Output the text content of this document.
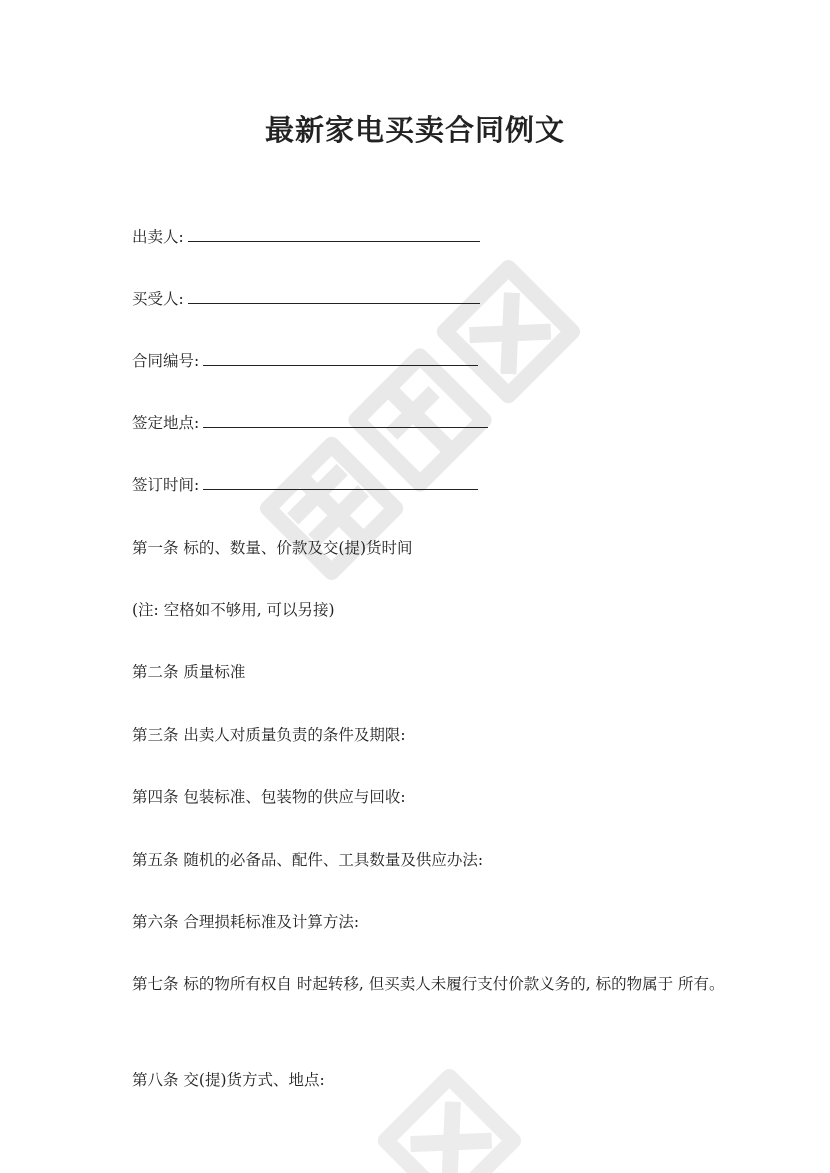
最新家电买卖合同例文

出卖人:

买受人:

合同编号:

签定地点:

签订时间:

第一条 标的、数量、价款及交(提)货时间

(注: 空格如不够用, 可以另接)

第二条 质量标准

第三条 出卖人对质量负责的条件及期限:

第四条 包装标准、包装物的供应与回收:

第五条 随机的必备品、配件、工具数量及供应办法:

第六条 合理损耗标准及计算方法:

第七条 标的物所有权自 时起转移, 但买卖人未履行支付价款义务的, 标的物属于 所有。

第八条 交(提)货方式、地点:
